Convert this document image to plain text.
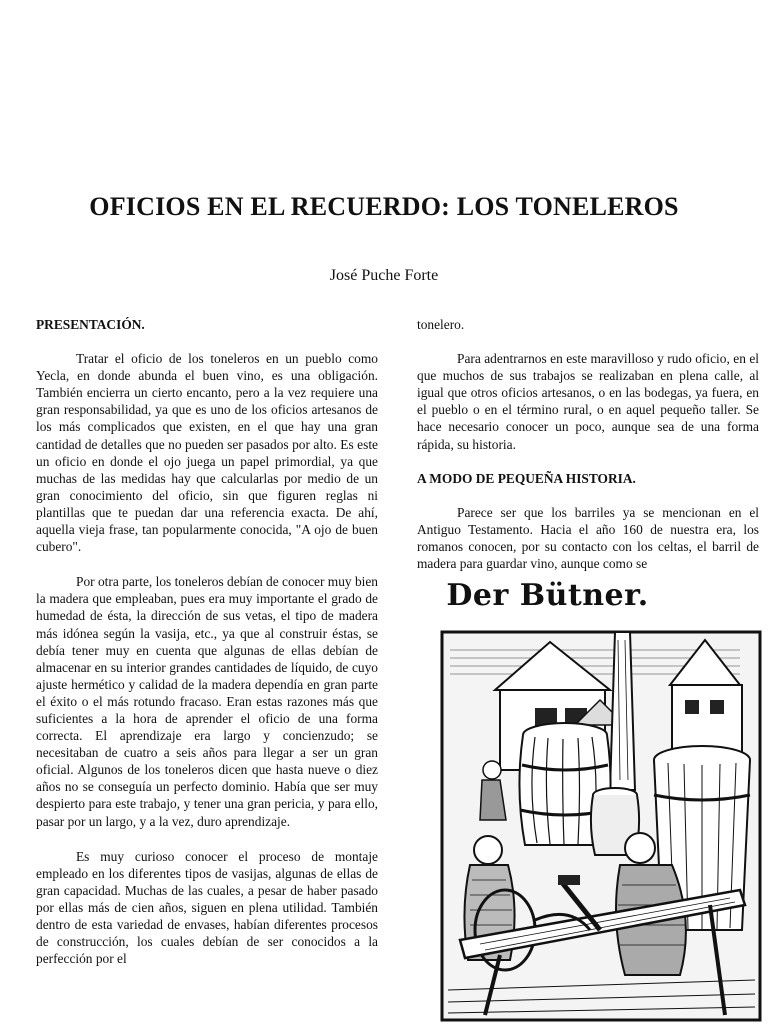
OFICIOS EN EL RECUERDO: LOS TONELEROS
José Puche Forte
PRESENTACIÓN.

Tratar el oficio de los toneleros en un pueblo como Yecla, en donde abunda el buen vino, es una obligación. También encierra un cierto encanto, pero a la vez requiere una gran responsabilidad, ya que es uno de los oficios artesanos de los más complicados que existen, en el que hay una gran cantidad de detalles que no pueden ser pasados por alto. Es este un oficio en donde el ojo juega un papel primordial, ya que muchas de las medidas hay que calcularlas por medio de un gran conocimiento del oficio, sin que figuren reglas ni plantillas que te puedan dar una referencia exacta. De ahí, aquella vieja frase, tan popularmente conocida, "A ojo de buen cubero".

Por otra parte, los toneleros debían de conocer muy bien la madera que empleaban, pues era muy importante el grado de humedad de ésta, la dirección de sus vetas, el tipo de madera más idónea según la vasija, etc., ya que al construir éstas, se debía tener muy en cuenta que algunas de ellas debían de almacenar en su interior grandes cantidades de líquido, de cuyo ajuste hermético y calidad de la madera dependía en gran parte el éxito o el más rotundo fracaso. Eran estas razones más que suficientes a la hora de aprender el oficio de una forma correcta. El aprendizaje era largo y concienzudo; se necesitaban de cuatro a seis años para llegar a ser un gran oficial. Algunos de los toneleros dicen que hasta nueve o diez años no se conseguía un perfecto dominio. Había que ser muy despierto para este trabajo, y tener una gran pericia, y para ello, pasar por un largo, y a la vez, duro aprendizaje.

Es muy curioso conocer el proceso de montaje empleado en los diferentes tipos de vasijas, algunas de ellas de gran capacidad. Muchas de las cuales, a pesar de haber pasado por ellas más de cien años, siguen en plena utilidad. También dentro de esta variedad de envases, habían diferentes procesos de construcción, los cuales debían de ser conocidos a la perfección por el

tonelero.

Para adentrarnos en este maravilloso y rudo oficio, en el que muchos de sus trabajos se realizaban en plena calle, al igual que otros oficios artesanos, o en las bodegas, ya fuera, en el pueblo o en el término rural, o en aquel pequeño taller. Se hace necesario conocer un poco, aunque sea de una forma rápida, su historia.

A MODO DE PEQUEÑA HISTORIA.

Parece ser que los barriles ya se mencionan en el Antiguo Testamento. Hacia el año 160 de nuestra era, los romanos conocen, por su contacto con los celtas, el barril de madera para guardar vino, aunque como se

Der Bütner.
